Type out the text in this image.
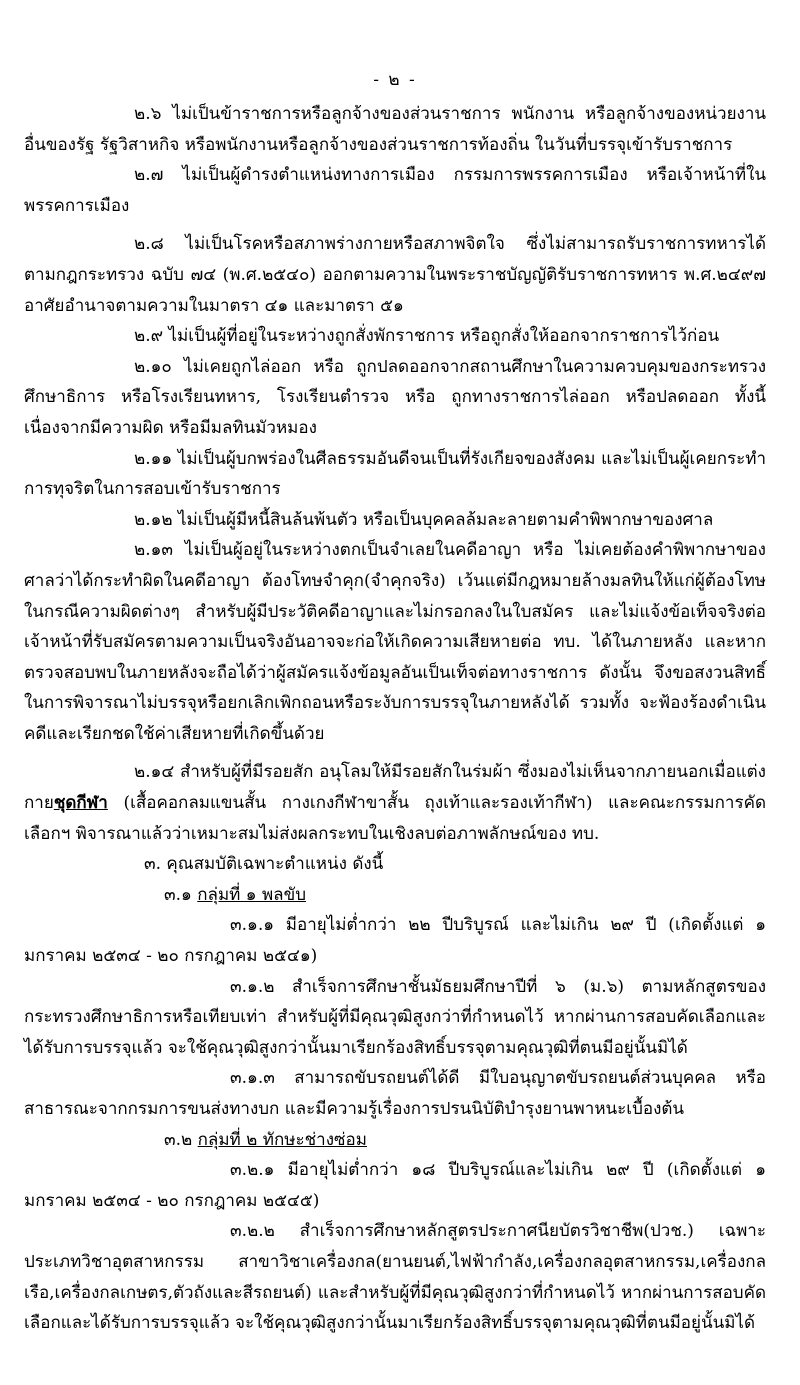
- ๒ -

๒.๖ ไม่เป็นข้าราชการหรือลูกจ้างของส่วนราชการ พนักงาน หรือลูกจ้างของหน่วยงานอื่นของรัฐ รัฐวิสาหกิจ หรือพนักงานหรือลูกจ้างของส่วนราชการท้องถิ่น ในวันที่บรรจุเข้ารับราชการ

๒.๗ ไม่เป็นผู้ดำรงตำแหน่งทางการเมือง กรรมการพรรคการเมือง หรือเจ้าหน้าที่ในพรรคการเมือง

๒.๘ ไม่เป็นโรคหรือสภาพร่างกายหรือสภาพจิตใจ ซึ่งไม่สามารถรับราชการทหารได้ ตามกฎกระทรวง ฉบับ ๗๔ (พ.ศ.๒๕๔๐) ออกตามความในพระราชบัญญัติรับราชการทหาร พ.ศ.๒๔๙๗ อาศัยอำนาจตามความในมาตรา ๔๑ และมาตรา ๕๑

๒.๙ ไม่เป็นผู้ที่อยู่ในระหว่างถูกสั่งพักราชการ หรือถูกสั่งให้ออกจากราชการไว้ก่อน

๒.๑๐ ไม่เคยถูกไล่ออก หรือ ถูกปลดออกจากสถานศึกษาในความควบคุมของกระทรวงศึกษาธิการ หรือโรงเรียนทหาร, โรงเรียนตำรวจ หรือ ถูกทางราชการไล่ออก หรือปลดออก ทั้งนี้เนื่องจากมีความผิด หรือมีมลทินมัวหมอง

๒.๑๑ ไม่เป็นผู้บกพร่องในศีลธรรมอันดีจนเป็นที่รังเกียจของสังคม และไม่เป็นผู้เคยกระทำการทุจริตในการสอบเข้ารับราชการ

๒.๑๒ ไม่เป็นผู้มีหนี้สินล้นพ้นตัว หรือเป็นบุคคลล้มละลายตามคำพิพากษาของศาล

๒.๑๓ ไม่เป็นผู้อยู่ในระหว่างตกเป็นจำเลยในคดีอาญา หรือ ไม่เคยต้องคำพิพากษาของศาลว่าได้กระทำผิดในคดีอาญา ต้องโทษจำคุก(จำคุกจริง) เว้นแต่มีกฎหมายล้างมลทินให้แก่ผู้ต้องโทษในกรณีความผิดต่างๆ สำหรับผู้มีประวัติคดีอาญาและไม่กรอกลงในใบสมัคร และไม่แจ้งข้อเท็จจริงต่อเจ้าหน้าที่รับสมัครตามความเป็นจริงอันอาจจะก่อให้เกิดความเสียหายต่อ ทบ. ได้ในภายหลัง และหากตรวจสอบพบในภายหลังจะถือได้ว่าผู้สมัครแจ้งข้อมูลอันเป็นเท็จต่อทางราชการ ดังนั้น จึงขอสงวนสิทธิ์ในการพิจารณาไม่บรรจุหรือยกเลิกเพิกถอนหรือระงับการบรรจุในภายหลังได้ รวมทั้ง จะฟ้องร้องดำเนินคดีและเรียกชดใช้ค่าเสียหายที่เกิดขึ้นด้วย

๒.๑๔ สำหรับผู้ที่มีรอยสัก อนุโลมให้มีรอยสักในร่มผ้า ซึ่งมองไม่เห็นจากภายนอกเมื่อแต่งกายชุดกีฬา (เสื้อคอกลมแขนสั้น กางเกงกีฬาขาสั้น ถุงเท้าและรองเท้ากีฬา) และคณะกรรมการคัดเลือกฯ พิจารณาแล้วว่าเหมาะสมไม่ส่งผลกระทบในเชิงลบต่อภาพลักษณ์ของ ทบ.

๓. คุณสมบัติเฉพาะตำแหน่ง ดังนี้

๓.๑ กลุ่มที่ ๑ พลขับ

๓.๑.๑ มีอายุไม่ต่ำกว่า ๒๒ ปีบริบูรณ์ และไม่เกิน ๒๙ ปี (เกิดตั้งแต่ ๑ มกราคม ๒๕๓๔ - ๒๐ กรกฎาคม ๒๕๔๑)

๓.๑.๒ สำเร็จการศึกษาชั้นมัธยมศึกษาปีที่ ๖ (ม.๖) ตามหลักสูตรของกระทรวงศึกษาธิการหรือเทียบเท่า สำหรับผู้ที่มีคุณวุฒิสูงกว่าที่กำหนดไว้ หากผ่านการสอบคัดเลือกและได้รับการบรรจุแล้ว จะใช้คุณวุฒิสูงกว่านั้นมาเรียกร้องสิทธิ์บรรจุตามคุณวุฒิที่ตนมีอยู่นั้นมิได้

๓.๑.๓ สามารถขับรถยนต์ได้ดี มีใบอนุญาตขับรถยนต์ส่วนบุคคล หรือ สาธารณะจากกรมการขนส่งทางบก และมีความรู้เรื่องการปรนนิบัติบำรุงยานพาหนะเบื้องต้น

๓.๒ กลุ่มที่ ๒ ทักษะช่างซ่อม

๓.๒.๑ มีอายุไม่ต่ำกว่า ๑๘ ปีบริบูรณ์และไม่เกิน ๒๙ ปี (เกิดตั้งแต่ ๑ มกราคม ๒๕๓๔ - ๒๐ กรกฎาคม ๒๕๔๕)

๓.๒.๒ สำเร็จการศึกษาหลักสูตรประกาศนียบัตรวิชาชีพ(ปวช.) เฉพาะประเภทวิชาอุตสาหกรรม สาขาวิชาเครื่องกล(ยานยนต์,ไฟฟ้ากำลัง,เครื่องกลอุตสาหกรรม,เครื่องกลเรือ,เครื่องกลเกษตร,ตัวถังและสีรถยนต์) และสำหรับผู้ที่มีคุณวุฒิสูงกว่าที่กำหนดไว้ หากผ่านการสอบคัดเลือกและได้รับการบรรจุแล้ว จะใช้คุณวุฒิสูงกว่านั้นมาเรียกร้องสิทธิ์บรรจุตามคุณวุฒิที่ตนมีอยู่นั้นมิได้
